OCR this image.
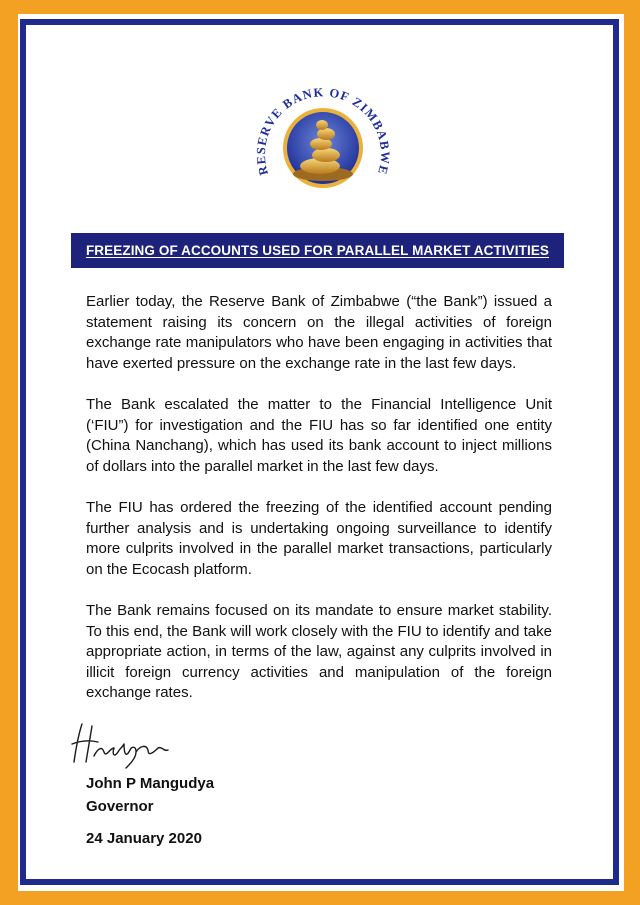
RESERVE BANK OF ZIMBABWE
FREEZING OF ACCOUNTS USED FOR PARALLEL MARKET ACTIVITIES

Earlier today, the Reserve Bank of Zimbabwe (“the Bank”) issued a statement raising its concern on the illegal activities of foreign exchange rate manipulators who have been engaging in activities that have exerted pressure on the exchange rate in the last few days.

The Bank escalated the matter to the Financial Intelligence Unit (‘FIU”) for investigation and the FIU has so far identified one entity (China Nanchang), which has used its bank account to inject millions of dollars into the parallel market in the last few days.

The FIU has ordered the freezing of the identified account pending further analysis and is undertaking ongoing surveillance to identify more culprits involved in the parallel market transactions, particularly on the Ecocash platform.

The Bank remains focused on its mandate to ensure market stability. To this end, the Bank will work closely with the FIU to identify and take appropriate action, in terms of the law, against any culprits involved in illicit foreign currency activities and manipulation of the foreign exchange rates.

John P Mangudya
Governor
24 January 2020
